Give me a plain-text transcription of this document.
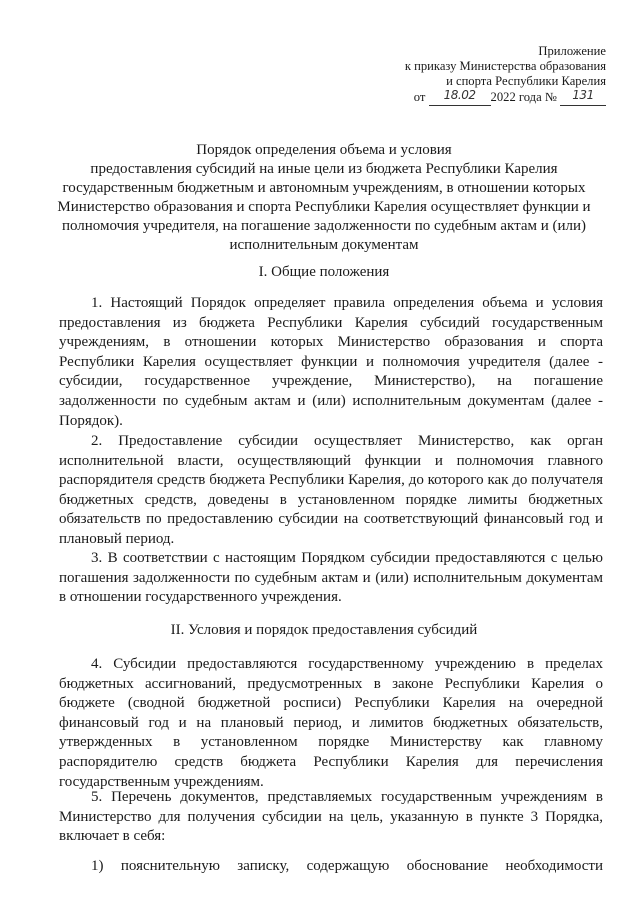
Приложение
к приказу Министерства образования
и спорта Республики Карелия
от 18.02 2022 года № 131
Порядок определения объема и условия
предоставления субсидий на иные цели из бюджета Республики Карелия
государственным бюджетным и автономным учреждениям, в отношении которых
Министерство образования и спорта Республики Карелия осуществляет функции и
полномочия учредителя, на погашение задолженности по судебным актам и (или)
исполнительным документам
I. Общие положения
1. Настоящий Порядок определяет правила определения объема и условия предоставления из бюджета Республики Карелия субсидий государственным учреждениям, в отношении которых Министерство образования и спорта Республики Карелия осуществляет функции и полномочия учредителя (далее - субсидии, государственное учреждение, Министерство), на погашение задолженности по судебным актам и (или) исполнительным документам (далее - Порядок).
2. Предоставление субсидии осуществляет Министерство, как орган исполнительной власти, осуществляющий функции и полномочия главного распорядителя средств бюджета Республики Карелия, до которого как до получателя бюджетных средств, доведены в установленном порядке лимиты бюджетных обязательств по предоставлению субсидии на соответствующий финансовый год и плановый период.
3. В соответствии с настоящим Порядком субсидии предоставляются с целью погашения задолженности по судебным актам и (или) исполнительным документам в отношении государственного учреждения.
II. Условия и порядок предоставления субсидий
4. Субсидии предоставляются государственному учреждению в пределах бюджетных ассигнований, предусмотренных в законе Республики Карелия о бюджете (сводной бюджетной росписи) Республики Карелия на очередной финансовый год и на плановый период, и лимитов бюджетных обязательств, утвержденных в установленном порядке Министерству как главному распорядителю средств бюджета Республики Карелия для перечисления государственным учреждениям.
5. Перечень документов, представляемых государственным учреждениям в Министерство для получения субсидии на цель, указанную в пункте 3 Порядка, включает в себя:
1) пояснительную записку, содержащую обоснование необходимости
